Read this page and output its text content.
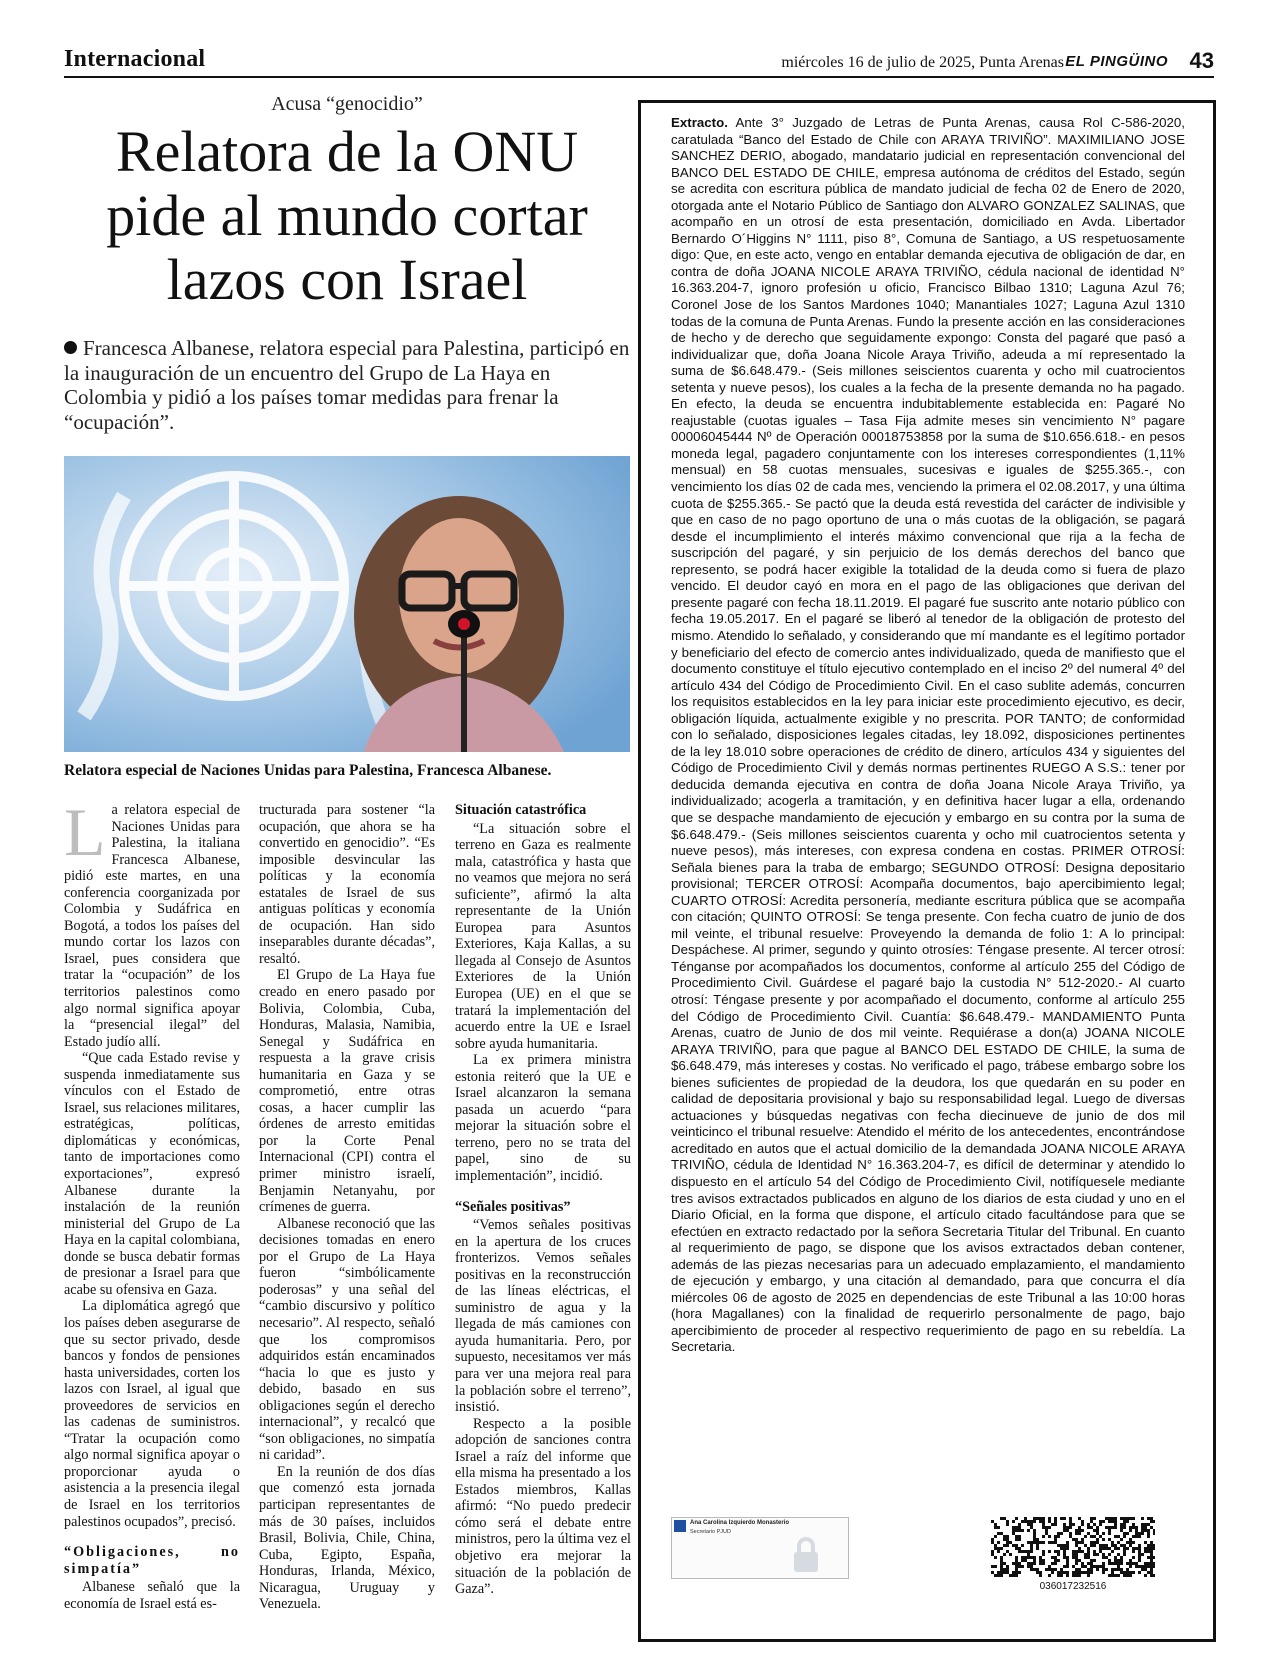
Internacional	miércoles 16 de julio de 2025, Punta Arenas EL PINGÜINO 43
Acusa “genocidio”
Relatora de la ONU pide al mundo cortar lazos con Israel
Francesca Albanese, relatora especial para Palestina, participó en la inauguración de un encuentro del Grupo de La Haya en Colombia y pidió a los países tomar medidas para frenar la “ocupación”.
Relatora especial de Naciones Unidas para Palestina, Francesca Albanese.

La relatora especial de Naciones Unidas para Palestina, la italiana Francesca Albanese, pidió este martes, en una conferencia coorganizada por Colombia y Sudáfrica en Bogotá, a todos los países del mundo cortar los lazos con Israel, pues considera que tratar la “ocupación” de los territorios palestinos como algo normal significa apoyar la “presencial ilegal” del Estado judío allí.

“Que cada Estado revise y suspenda inmediatamente sus vínculos con el Estado de Israel, sus relaciones militares, estratégicas, políticas, diplomáticas y económicas, tanto de importaciones como exportaciones”, expresó Albanese durante la instalación de la reunión ministerial del Grupo de La Haya en la capital colombiana, donde se busca debatir formas de presionar a Israel para que acabe su ofensiva en Gaza.

La diplomática agregó que los países deben asegurarse de que su sector privado, desde bancos y fondos de pensiones hasta universidades, corten los lazos con Israel, al igual que proveedores de servicios en las cadenas de suministros. “Tratar la ocupación como algo normal significa apoyar o proporcionar ayuda o asistencia a la presencia ilegal de Israel en los territorios palestinos ocupados”, precisó.

“Obligaciones, no simpatía”

Albanese señaló que la economía de Israel está es-

tructurada para sostener “la ocupación, que ahora se ha convertido en genocidio”. “Es imposible desvincular las políticas y la economía estatales de Israel de sus antiguas políticas y economía de ocupación. Han sido inseparables durante décadas”, resaltó.

El Grupo de La Haya fue creado en enero pasado por Bolivia, Colombia, Cuba, Honduras, Malasia, Namibia, Senegal y Sudáfrica en respuesta a la grave crisis humanitaria en Gaza y se comprometió, entre otras cosas, a hacer cumplir las órdenes de arresto emitidas por la Corte Penal Internacional (CPI) contra el primer ministro israelí, Benjamin Netanyahu, por crímenes de guerra.

Albanese reconoció que las decisiones tomadas en enero por el Grupo de La Haya fueron “simbólicamente poderosas” y una señal del “cambio discursivo y político necesario”. Al respecto, señaló que los compromisos adquiridos están encaminados “hacia lo que es justo y debido, basado en sus obligaciones según el derecho internacional”, y recalcó que “son obligaciones, no simpatía ni caridad”.

En la reunión de dos días que comenzó esta jornada participan representantes de más de 30 países, incluidos Brasil, Bolivia, Chile, China, Cuba, Egipto, España, Honduras, Irlanda, México, Nicaragua, Uruguay y Venezuela.

Situación catastrófica

“La situación sobre el terreno en Gaza es realmente mala, catastrófica y hasta que no veamos que mejora no será suficiente”, afirmó la alta representante de la Unión Europea para Asuntos Exteriores, Kaja Kallas, a su llegada al Consejo de Asuntos Exteriores de la Unión Europea (UE) en el que se tratará la implementación del acuerdo entre la UE e Israel sobre ayuda humanitaria.

La ex primera ministra estonia reiteró que la UE e Israel alcanzaron la semana pasada un acuerdo “para mejorar la situación sobre el terreno, pero no se trata del papel, sino de su implementación”, incidió.

“Señales positivas”

“Vemos señales positivas en la apertura de los cruces fronterizos. Vemos señales positivas en la reconstrucción de las líneas eléctricas, el suministro de agua y la llegada de más camiones con ayuda humanitaria. Pero, por supuesto, necesitamos ver más para ver una mejora real para la población sobre el terreno”, insistió.

Respecto a la posible adopción de sanciones contra Israel a raíz del informe que ella misma ha presentado a los Estados miembros, Kallas afirmó: “No puedo predecir cómo será el debate entre ministros, pero la última vez el objetivo era mejorar la situación de la población de Gaza”.

Extracto. Ante 3° Juzgado de Letras de Punta Arenas, causa Rol C-586-2020, caratulada “Banco del Estado de Chile con ARAYA TRIVIÑO”. MAXIMILIANO JOSE SANCHEZ DERIO, abogado, mandatario judicial en representación convencional del BANCO DEL ESTADO DE CHILE, empresa autónoma de créditos del Estado, según se acredita con escritura pública de mandato judicial de fecha 02 de Enero de 2020, otorgada ante el Notario Público de Santiago don ALVARO GONZALEZ SALINAS, que acompaño en un otrosí de esta presentación, domiciliado en Avda. Libertador Bernardo O´Higgins N° 1111, piso 8°, Comuna de Santiago, a US respetuosamente digo: Que, en este acto, vengo en entablar demanda ejecutiva de obligación de dar, en contra de doña JOANA NICOLE ARAYA TRIVIÑO, cédula nacional de identidad N° 16.363.204-7, ignoro profesión u oficio, Francisco Bilbao 1310; Laguna Azul 76; Coronel Jose de los Santos Mardones 1040; Manantiales 1027; Laguna Azul 1310 todas de la comuna de Punta Arenas. Fundo la presente acción en las consideraciones de hecho y de derecho que seguidamente expongo: Consta del pagaré que pasó a individualizar que, doña Joana Nicole Araya Triviño, adeuda a mí representado la suma de $6.648.479.- (Seis millones seiscientos cuarenta y ocho mil cuatrocientos setenta y nueve pesos), los cuales a la fecha de la presente demanda no ha pagado. En efecto, la deuda se encuentra indubitablemente establecida en: Pagaré No reajustable (cuotas iguales – Tasa Fija admite meses sin vencimiento N° pagare 00006045444 Nº de Operación 00018753858 por la suma de $10.656.618.- en pesos moneda legal, pagadero conjuntamente con los intereses correspondientes (1,11% mensual) en 58 cuotas mensuales, sucesivas e iguales de $255.365.-, con vencimiento los días 02 de cada mes, venciendo la primera el 02.08.2017, y una última cuota de $255.365.- Se pactó que la deuda está revestida del carácter de indivisible y que en caso de no pago oportuno de una o más cuotas de la obligación, se pagará desde el incumplimiento el interés máximo convencional que rija a la fecha de suscripción del pagaré, y sin perjuicio de los demás derechos del banco que represento, se podrá hacer exigible la totalidad de la deuda como si fuera de plazo vencido. El deudor cayó en mora en el pago de las obligaciones que derivan del presente pagaré con fecha 18.11.2019. El pagaré fue suscrito ante notario público con fecha 19.05.2017. En el pagaré se liberó al tenedor de la obligación de protesto del mismo. Atendido lo señalado, y considerando que mí mandante es el legítimo portador y beneficiario del efecto de comercio antes individualizado, queda de manifiesto que el documento constituye el título ejecutivo contemplado en el inciso 2º del numeral 4º del artículo 434 del Código de Procedimiento Civil. En el caso sublite además, concurren los requisitos establecidos en la ley para iniciar este procedimiento ejecutivo, es decir, obligación líquida, actualmente exigible y no prescrita. POR TANTO; de conformidad con lo señalado, disposiciones legales citadas, ley 18.092, disposiciones pertinentes de la ley 18.010 sobre operaciones de crédito de dinero, artículos 434 y siguientes del Código de Procedimiento Civil y demás normas pertinentes RUEGO A S.S.: tener por deducida demanda ejecutiva en contra de doña Joana Nicole Araya Triviño, ya individualizado; acogerla a tramitación, y en definitiva hacer lugar a ella, ordenando que se despache mandamiento de ejecución y embargo en su contra por la suma de $6.648.479.- (Seis millones seiscientos cuarenta y ocho mil cuatrocientos setenta y nueve pesos), más intereses, con expresa condena en costas. PRIMER OTROSÍ: Señala bienes para la traba de embargo; SEGUNDO OTROSÍ: Designa depositario provisional; TERCER OTROSÍ: Acompaña documentos, bajo apercibimiento legal; CUARTO OTROSÍ: Acredita personería, mediante escritura pública que se acompaña con citación; QUINTO OTROSÍ: Se tenga presente. Con fecha cuatro de junio de dos mil veinte, el tribunal resuelve: Proveyendo la demanda de folio 1: A lo principal: Despáchese. Al primer, segundo y quinto otrosíes: Téngase presente. Al tercer otrosí: Ténganse por acompañados los documentos, conforme al artículo 255 del Código de Procedimiento Civil. Guárdese el pagaré bajo la custodia N° 512-2020.- Al cuarto otrosí: Téngase presente y por acompañado el documento, conforme al artículo 255 del Código de Procedimiento Civil. Cuantía: $6.648.479.- MANDAMIENTO Punta Arenas, cuatro de Junio de dos mil veinte. Requiérase a don(a) JOANA NICOLE ARAYA TRIVIÑO, para que pague al BANCO DEL ESTADO DE CHILE, la suma de $6.648.479, más intereses y costas. No verificado el pago, trábese embargo sobre los bienes suficientes de propiedad de la deudora, los que quedarán en su poder en calidad de depositaria provisional y bajo su responsabilidad legal. Luego de diversas actuaciones y búsquedas negativas con fecha diecinueve de junio de dos mil veinticinco el tribunal resuelve: Atendido el mérito de los antecedentes, encontrándose acreditado en autos que el actual domicilio de la demandada JOANA NICOLE ARAYA TRIVIÑO, cédula de Identidad N° 16.363.204-7, es difícil de determinar y atendido lo dispuesto en el artículo 54 del Código de Procedimiento Civil, notifíquesele mediante tres avisos extractados publicados en alguno de los diarios de esta ciudad y uno en el Diario Oficial, en la forma que dispone, el artículo citado facultándose para que se efectúen en extracto redactado por la señora Secretaria Titular del Tribunal. En cuanto al requerimiento de pago, se dispone que los avisos extractados deban contener, además de las piezas necesarias para un adecuado emplazamiento, el mandamiento de ejecución y embargo, y una citación al demandado, para que concurra el día miércoles 06 de agosto de 2025 en dependencias de este Tribunal a las 10:00 horas (hora Magallanes) con la finalidad de requerirlo personalmente de pago, bajo apercibimiento de proceder al respectivo requerimiento de pago en su rebeldía. La Secretaria.
Ana Carolina Izquierdo Monasterio
Secretario PJUD
036017232516
